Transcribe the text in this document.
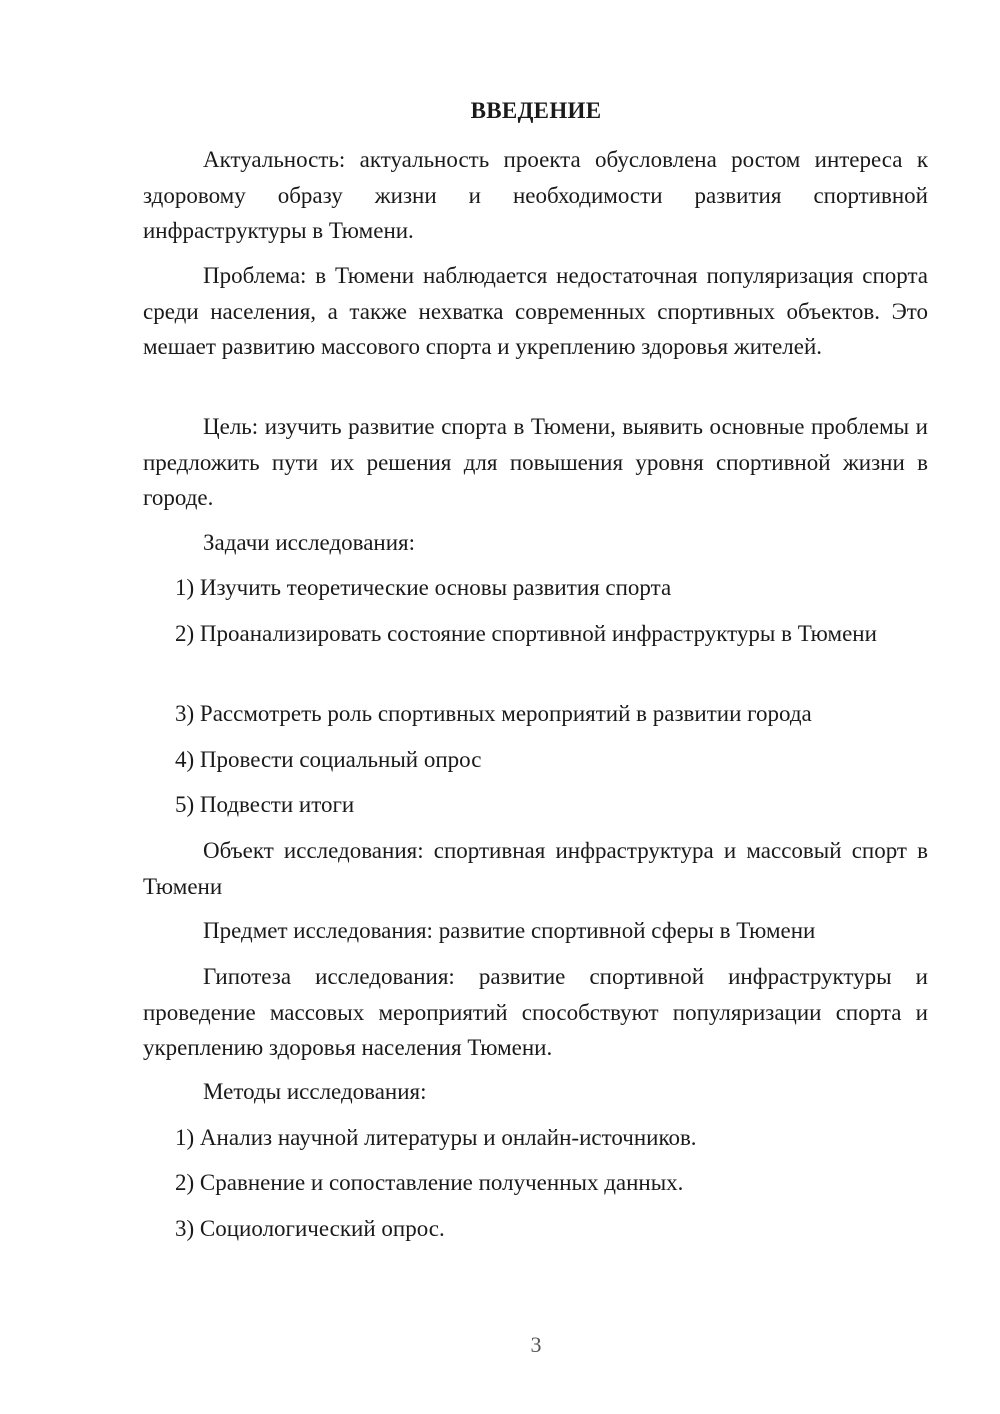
ВВЕДЕНИЕ

Актуальность: актуальность проекта обусловлена ростом интереса к здоровому образу жизни и необходимости развития спортивной инфраструктуры в Тюмени.

Проблема: в Тюмени наблюдается недостаточная популяризация спорта среди населения, а также нехватка современных спортивных объектов. Это мешает развитию массового спорта и укреплению здоровья жителей.

Цель: изучить развитие спорта в Тюмени, выявить основные проблемы и предложить пути их решения для повышения уровня спортивной жизни в городе.

Задачи исследования:

1) Изучить теоретические основы развития спорта

2) Проанализировать состояние спортивной инфраструктуры в Тюмени

3) Рассмотреть роль спортивных мероприятий в развитии города

4) Провести социальный опрос

5) Подвести итоги

Объект исследования: спортивная инфраструктура и массовый спорт в Тюмени

Предмет исследования: развитие спортивной сферы в Тюмени

Гипотеза исследования: развитие спортивной инфраструктуры и проведение массовых мероприятий способствуют популяризации спорта и укреплению здоровья населения Тюмени.

Методы исследования:

1) Анализ научной литературы и онлайн-источников.

2) Сравнение и сопоставление полученных данных.

3) Социологический опрос.

3
